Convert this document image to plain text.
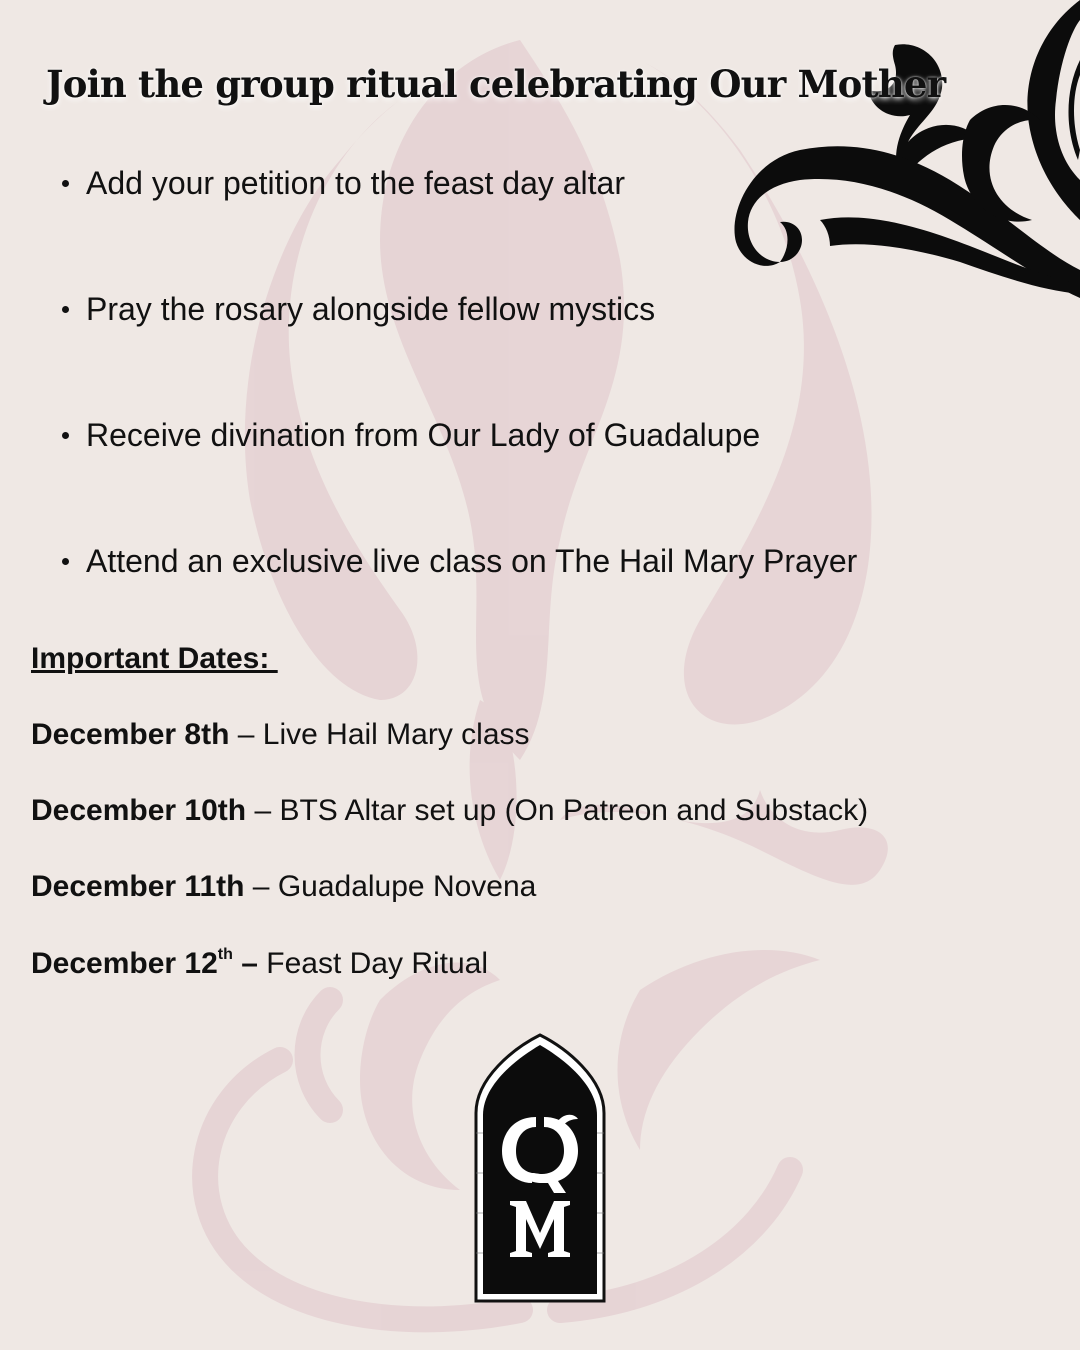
Join the group ritual celebrating Our Mother
Add your petition to the feast day altar
Pray the rosary alongside fellow mystics
Receive divination from Our Lady of Guadalupe
Attend an exclusive live class on The Hail Mary Prayer

Important Dates:

December 8th – Live Hail Mary class

December 10th – BTS Altar set up (On Patreon and Substack)

December 11th – Guadalupe Novena

December 12th – Feast Day Ritual
